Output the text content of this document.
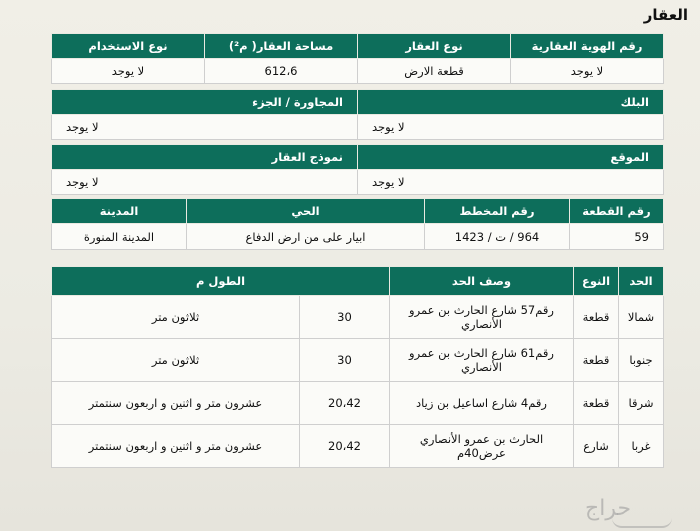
العقار
رقم الهوية العقارية	نوع العقار	مساحة العقار( م²)	نوع الاستخدام
لا يوجد	قطعة الارض	612،6	لا يوجد
البلك	المجاورة / الجزء
لا يوجد	لا يوجد
الموقع	نموذج العقار
لا يوجد	لا يوجد
رقم القطعة	رقم المخطط	الحي	المدينة
59	964 / ت / 1423	ابيار على من ارض الدفاع	المدينة المنورة
الحد	النوع	وصف الحد	الطول م	
شمالا	قطعة	رقم57 شارع الحارث بن عمرو الأنصاري	30	ثلاثون متر
جنوبا	قطعة	رقم61 شارع الحارث بن عمرو الأنصاري	30	ثلاثون متر
شرقا	قطعة	رقم4 شارع اساعيل بن زياد	20،42	عشرون متر و اثنين و اربعون سنتمتر
غربا	شارع	الحارث بن عمرو الأنصاري عرض40م	20،42	عشرون متر و اثنين و اربعون سنتمتر
حراج
